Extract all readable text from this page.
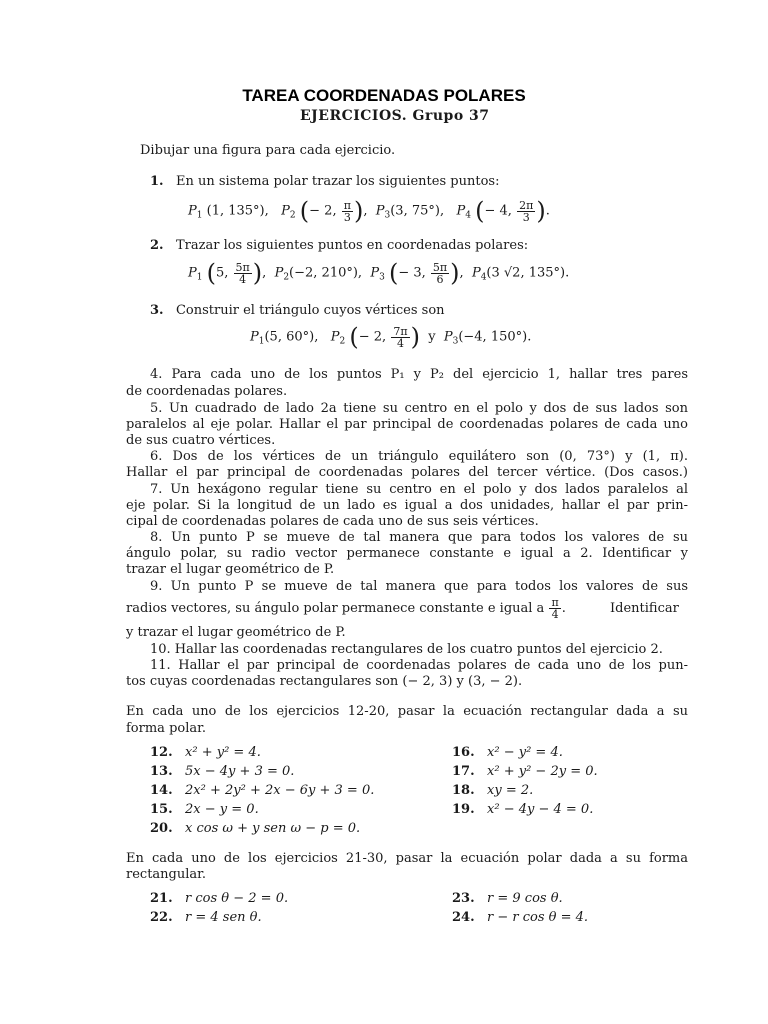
TAREA COORDENADAS POLARES
EJERCICIOS. Grupo 37
Dibujar una figura para cada ejercicio.
1. En un sistema polar trazar los siguientes puntos:
$P_1$ (1, 135°), $P_2$ (− 2, $\frac{\pi}{3}$ ),  $P_3(3$, 75°), $P_4$ (− 4, $\frac{2\pi}{3}$ ).
2. Trazar los siguientes puntos en coordenadas polares:
$P_1$ (5, $\frac{5\pi}{4}$ ),  $P_2(-2$, 210°), $P_3$ (− 3, $\frac{5\pi}{6}$ ),  $P_4(3$ √2, 135°).
3. Construir el triángulo cuyos vértices son
$P_1(5$, 60°), $P_2$ (− 2, $\frac{7\pi}{4}$ ) y $P_3(-4$, 150°).
4. Para cada uno de los puntos P₁ y P₂ del ejercicio 1, hallar tres pares
de coordenadas polares.
5. Un cuadrado de lado 2a tiene su centro en el polo y dos de sus lados son
paralelos al eje polar. Hallar el par principal de coordenadas polares de cada uno
de sus cuatro vértices.
6. Dos de los vértices de un triángulo equilátero son (0, 73°) y (1, π).
Hallar el par principal de coordenadas polares del tercer vértice. (Dos casos.)
7. Un hexágono regular tiene su centro en el polo y dos lados paralelos al
eje polar. Si la longitud de un lado es igual a dos unidades, hallar el par prin-
cipal de coordenadas polares de cada uno de sus seis vértices.
8. Un punto P se mueve de tal manera que para todos los valores de su
ángulo polar, su radio vector permanece constante e igual a 2. Identificar y
trazar el lugar geométrico de P.
9. Un punto P se mueve de tal manera que para todos los valores de sus
radios vectores, su ángulo polar permanece constante e igual a $\frac{\pi}{4}$ .	Identificar
y trazar el lugar geométrico de P.
10. Hallar las coordenadas rectangulares de los cuatro puntos del ejercicio 2.
11. Hallar el par principal de coordenadas polares de cada uno de los pun-
tos cuyas coordenadas rectangulares son (− 2, 3) y (3, − 2).
En cada uno de los ejercicios 12-20, pasar la ecuación rectangular dada a su
forma polar.
12. x² + y² = 4.
13. 5x − 4y + 3 = 0.
14. 2x² + 2y² + 2x − 6y + 3 = 0.
15. 2x − y = 0.
20. x cos ω + y sen ω − p = 0.
16. x² − y² = 4.
17. x² + y² − 2y = 0.
18. xy = 2.
19. x² − 4y − 4 = 0.
En cada uno de los ejercicios 21-30, pasar la ecuación polar dada a su forma
rectangular.
21. r cos θ − 2 = 0.
22. r = 4 sen θ.
23. r = 9 cos θ.
24. r − r cos θ = 4.
